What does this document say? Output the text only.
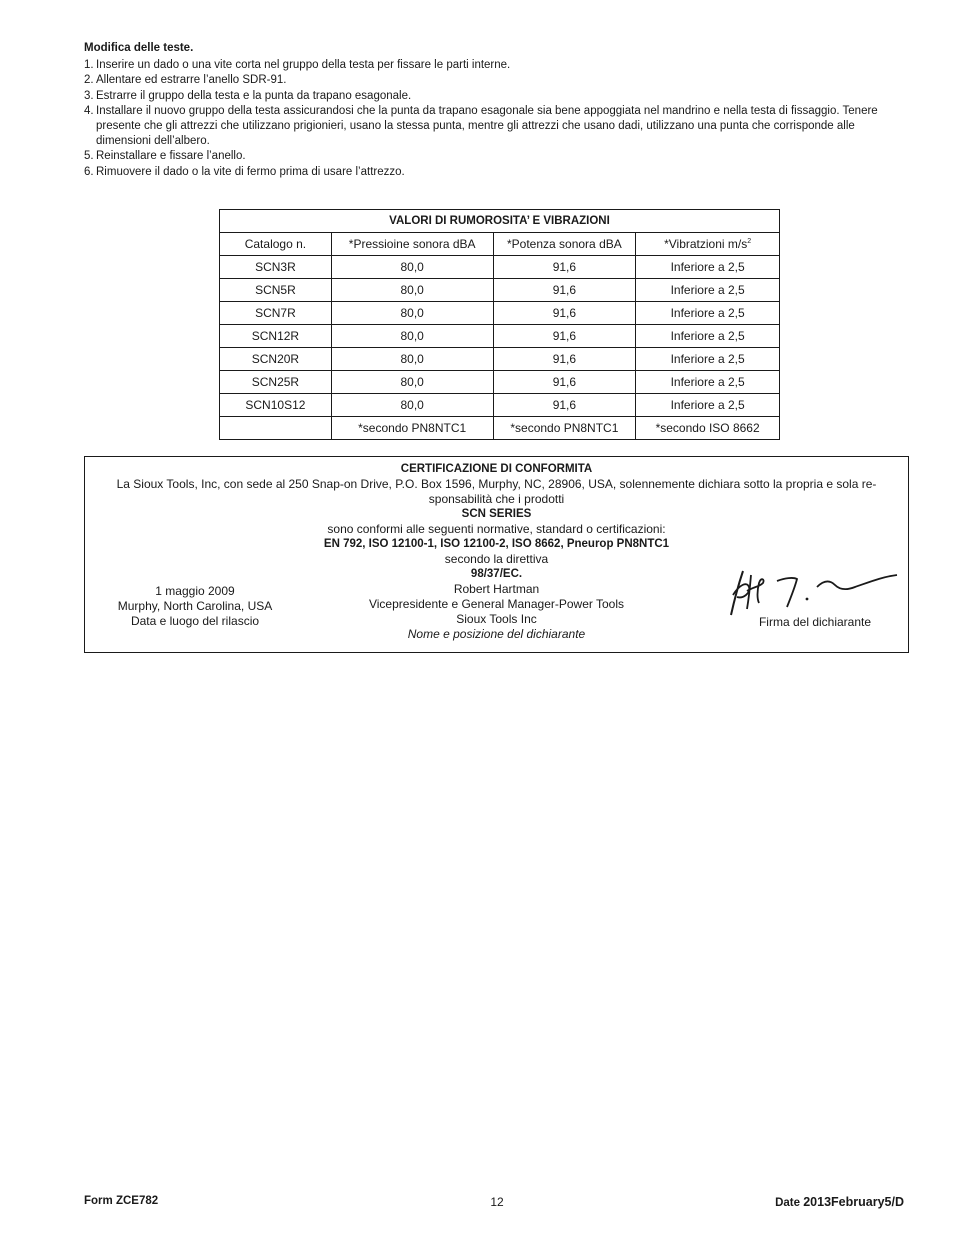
Modifica delle teste.
1. Inserire un dado o una vite corta nel gruppo della testa per fissare le parti interne.
2. Allentare ed estrarre l’anello SDR-91.
3. Estrarre il gruppo della testa e la punta da trapano esagonale.
4. Installare il nuovo gruppo della testa assicurandosi che la punta da trapano esagonale sia bene appoggiata nel mandrino e nella testa di fissaggio. Tenere presente che gli attrezzi che utilizzano prigionieri, usano la stessa punta, mentre gli attrezzi che usano dadi, utilizzano una punta che corrisponde alle dimensioni dell’albero.
5. Reinstallare e fissare l’anello.
6. Rimuovere il dado o la vite di fermo prima di usare l’attrezzo.
VALORI DI RUMOROSITA’ E VIBRAZIONI			
Catalogo n.	*Pressioine sonora dBA	*Potenza sonora dBA	*Vibratzioni $m/s^2$
SCN3R	80,0	91,6	Inferiore a 2,5
SCN5R	80,0	91,6	Inferiore a 2,5
SCN7R	80,0	91,6	Inferiore a 2,5
SCN12R	80,0	91,6	Inferiore a 2,5
SCN20R	80,0	91,6	Inferiore a 2,5
SCN25R	80,0	91,6	Inferiore a 2,5
SCN10S12	80,0	91,6	Inferiore a 2,5
	*secondo PN8NTC1	*secondo PN8NTC1	*secondo ISO 8662
CERTIFICAZIONE DI CONFORMITA
La Sioux Tools, Inc, con sede al 250 Snap-on Drive, P.O. Box 1596, Murphy, NC, 28906, USA, solennemente dichiara sotto la propria e sola re-sponsabilità che i prodotti
SCN SERIES
sono conformi alle seguenti normative, standard o certificazioni:
EN 792, ISO 12100-1, ISO 12100-2, ISO 8662, Pneurop PN8NTC1
secondo la direttiva
98/37/EC.
Robert Hartman
Vicepresidente e General Manager-Power Tools
Sioux Tools Inc
Nome e posizione del dichiarante
1 maggio 2009
Murphy, North Carolina, USA
Data e luogo del rilascio	Firma del dichiarante
Form ZCE782	12	Date 2013February5/D
